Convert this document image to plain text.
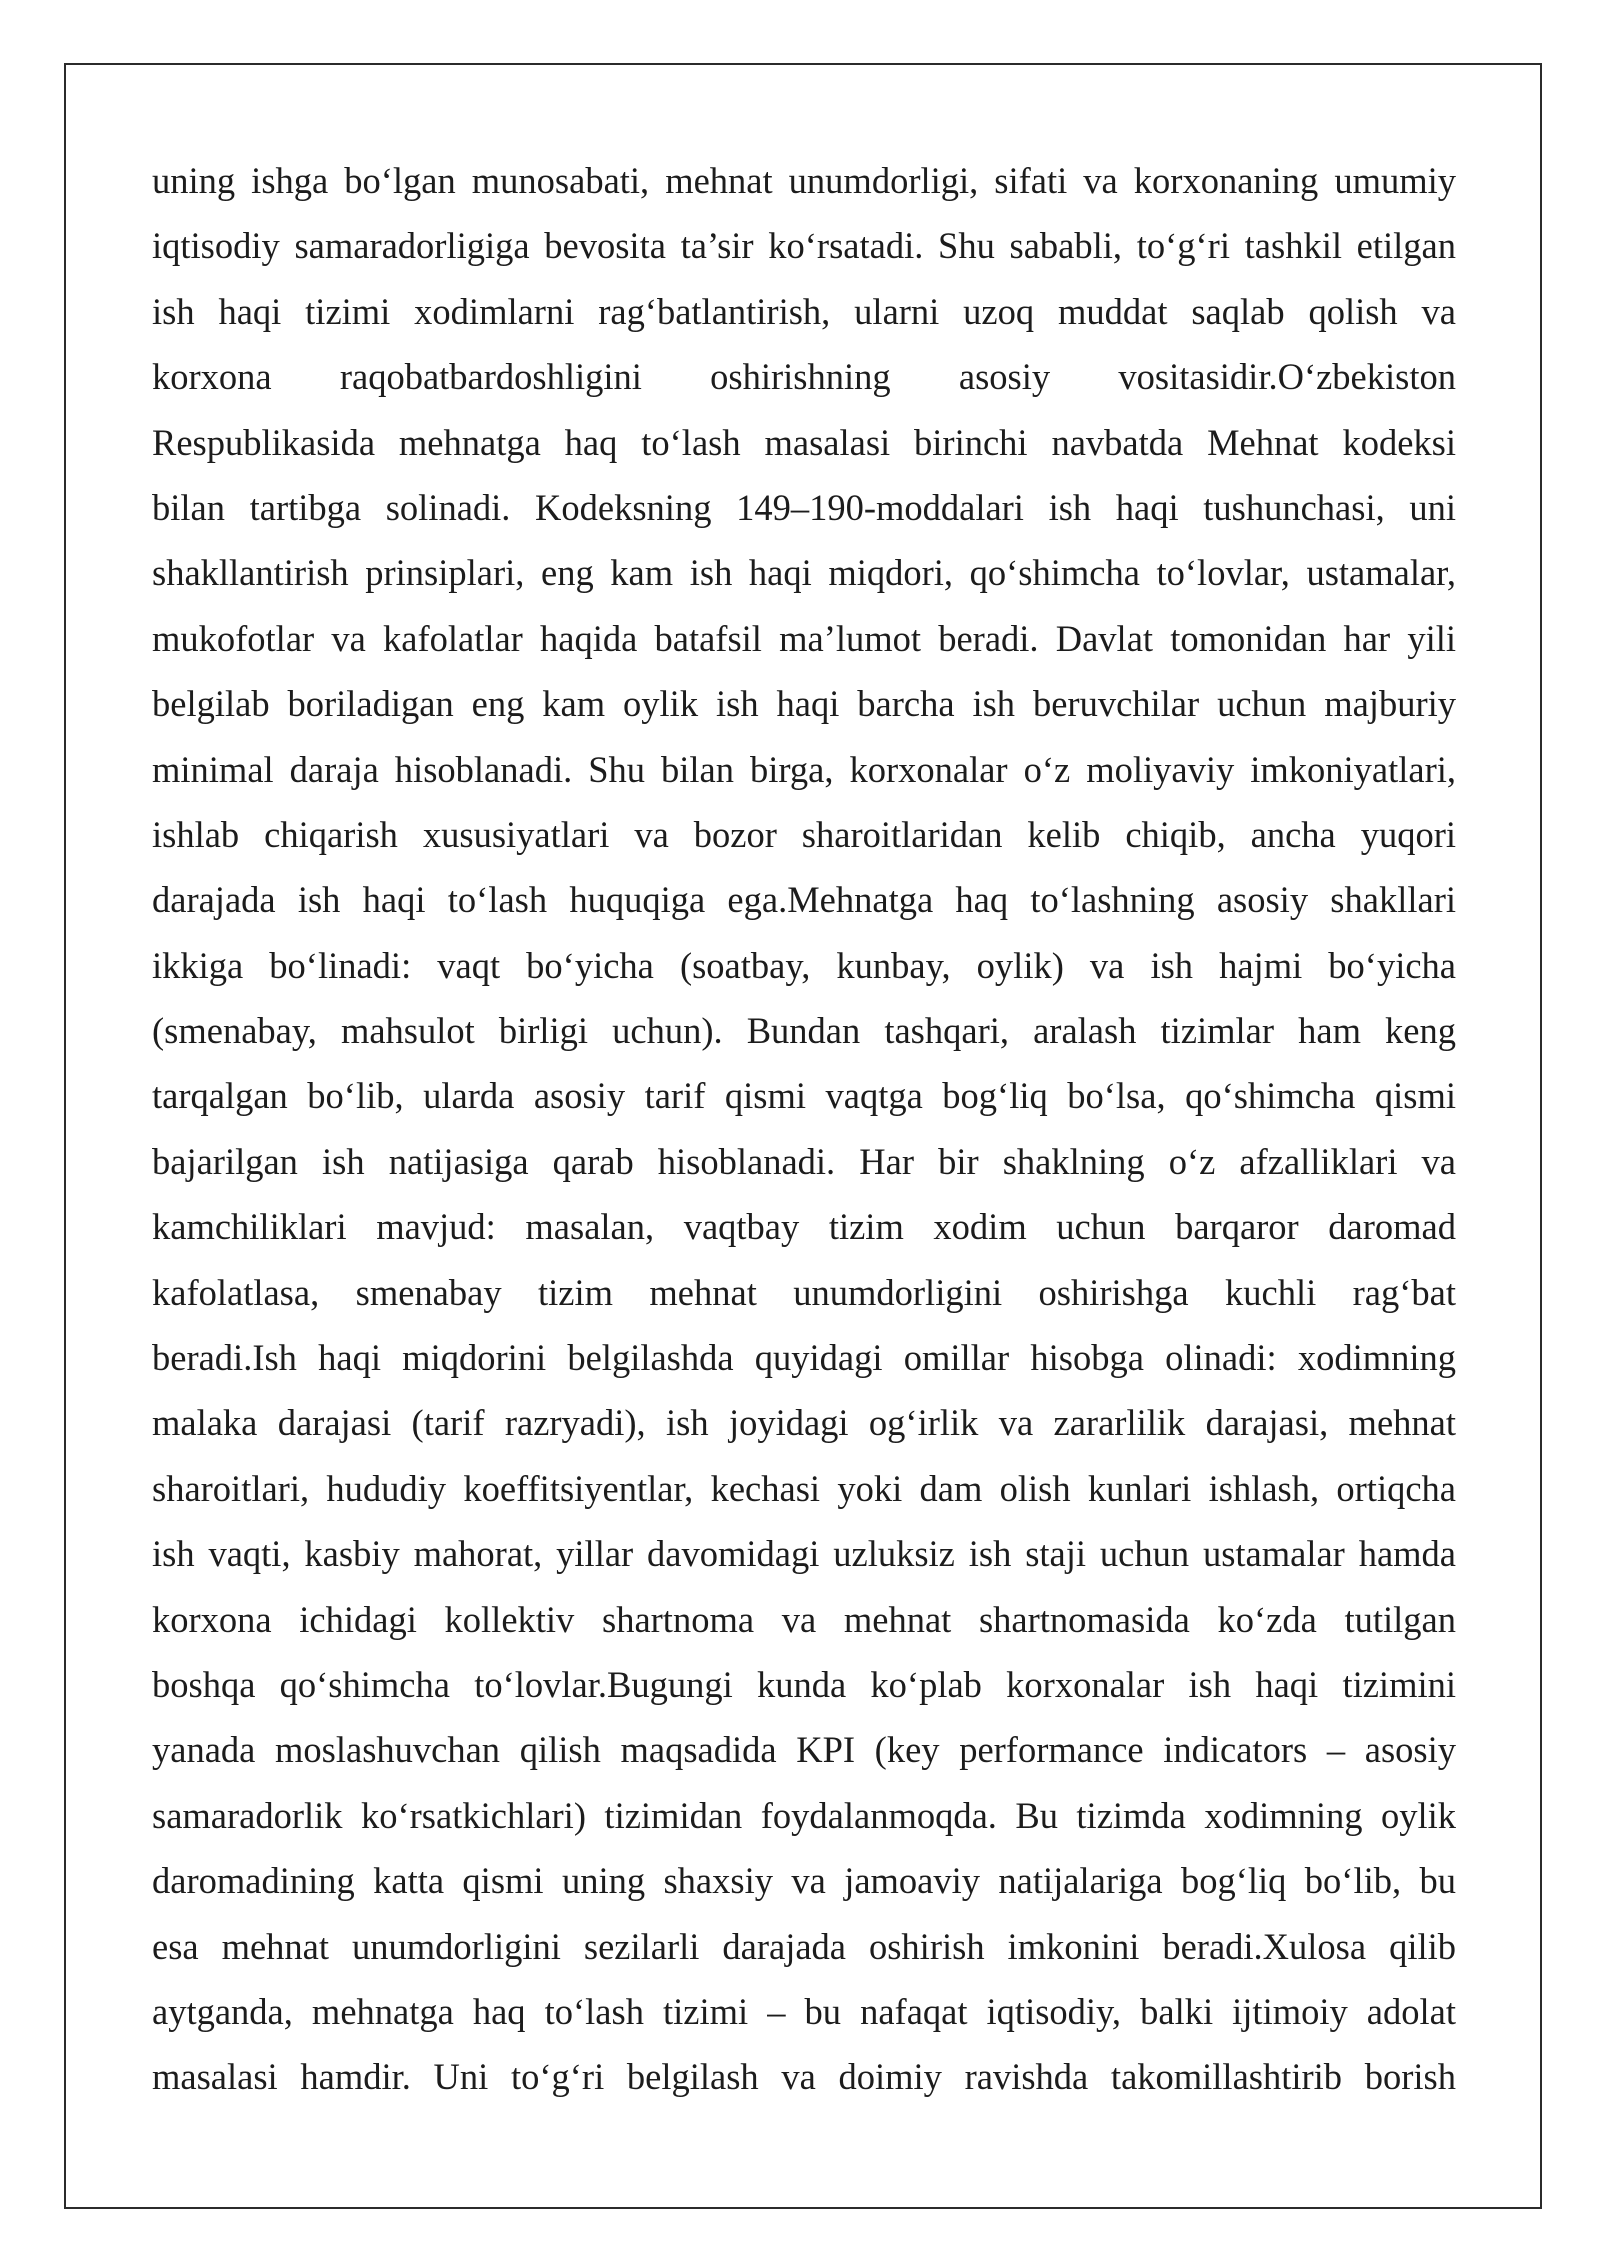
uning ishga bo‘lgan munosabati, mehnat unumdorligi, sifati va korxonaning umumiy
iqtisodiy samaradorligiga bevosita ta’sir ko‘rsatadi. Shu sababli, to‘g‘ri tashkil etilgan
ish haqi tizimi xodimlarni rag‘batlantirish, ularni uzoq muddat saqlab qolish va
korxona raqobatbardoshligini oshirishning asosiy vositasidir.O‘zbekiston
Respublikasida mehnatga haq to‘lash masalasi birinchi navbatda Mehnat kodeksi
bilan tartibga solinadi. Kodeksning 149–190-moddalari ish haqi tushunchasi, uni
shakllantirish prinsiplari, eng kam ish haqi miqdori, qo‘shimcha to‘lovlar, ustamalar,
mukofotlar va kafolatlar haqida batafsil ma’lumot beradi. Davlat tomonidan har yili
belgilab boriladigan eng kam oylik ish haqi barcha ish beruvchilar uchun majburiy
minimal daraja hisoblanadi. Shu bilan birga, korxonalar o‘z moliyaviy imkoniyatlari,
ishlab chiqarish xususiyatlari va bozor sharoitlaridan kelib chiqib, ancha yuqori
darajada ish haqi to‘lash huquqiga ega.Mehnatga haq to‘lashning asosiy shakllari
ikkiga bo‘linadi: vaqt bo‘yicha (soatbay, kunbay, oylik) va ish hajmi bo‘yicha
(smenabay, mahsulot birligi uchun). Bundan tashqari, aralash tizimlar ham keng
tarqalgan bo‘lib, ularda asosiy tarif qismi vaqtga bog‘liq bo‘lsa, qo‘shimcha qismi
bajarilgan ish natijasiga qarab hisoblanadi. Har bir shaklning o‘z afzalliklari va
kamchiliklari mavjud: masalan, vaqtbay tizim xodim uchun barqaror daromad
kafolatlasa, smenabay tizim mehnat unumdorligini oshirishga kuchli rag‘bat
beradi.Ish haqi miqdorini belgilashda quyidagi omillar hisobga olinadi: xodimning
malaka darajasi (tarif razryadi), ish joyidagi og‘irlik va zararlilik darajasi, mehnat
sharoitlari, hududiy koeffitsiyentlar, kechasi yoki dam olish kunlari ishlash, ortiqcha
ish vaqti, kasbiy mahorat, yillar davomidagi uzluksiz ish staji uchun ustamalar hamda
korxona ichidagi kollektiv shartnoma va mehnat shartnomasida ko‘zda tutilgan
boshqa qo‘shimcha to‘lovlar.Bugungi kunda ko‘plab korxonalar ish haqi tizimini
yanada moslashuvchan qilish maqsadida KPI (key performance indicators – asosiy
samaradorlik ko‘rsatkichlari) tizimidan foydalanmoqda. Bu tizimda xodimning oylik
daromadining katta qismi uning shaxsiy va jamoaviy natijalariga bog‘liq bo‘lib, bu
esa mehnat unumdorligini sezilarli darajada oshirish imkonini beradi.Xulosa qilib
aytganda, mehnatga haq to‘lash tizimi – bu nafaqat iqtisodiy, balki ijtimoiy adolat
masalasi hamdir. Uni to‘g‘ri belgilash va doimiy ravishda takomillashtirib borish
